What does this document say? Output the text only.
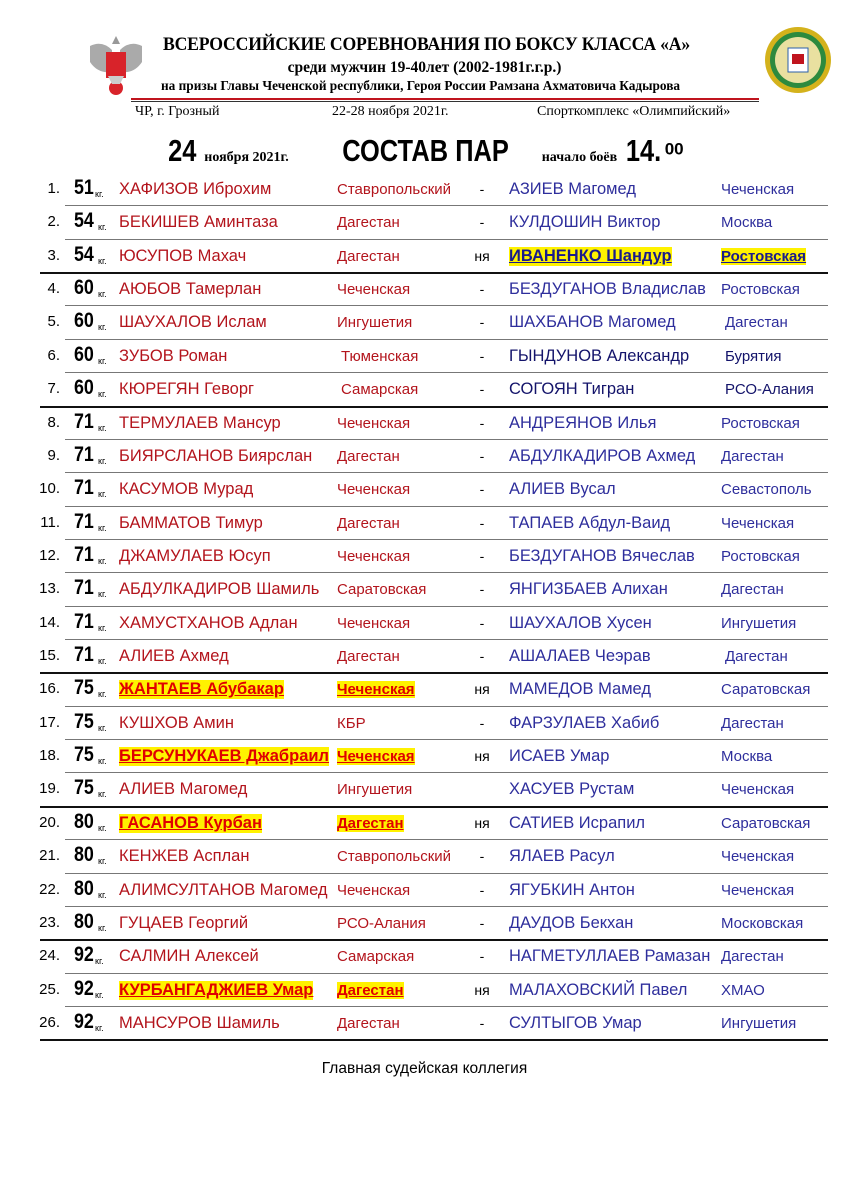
ВСЕРОССИЙСКИЕ СОРЕВНОВАНИЯ ПО БОКСУ КЛАССА «А»
среди мужчин 19-40лет (2002-1981г.г.р.)
на призы Главы Чеченской республики, Героя России Рамзана Ахматовича Кадырова
ЧР, г. Грозный	22-28 ноября 2021г.	Спорткомплекс «Олимпийский»
24 ноября 2021г. СОСТАВ ПАР начало боёв 14. $^{00}$
1. 51 кг. ХАФИЗОВ Иброхим	Ставропольский	-	АЗИЕВ Магомед	Чеченская
2. 54 кг. БЕКИШЕВ Аминтаза	Дагестан	-	КУЛДОШИН Виктор	Москва
3. 54 кг. ЮСУПОВ Махач	Дагестан	ня ИВАНЕНКО Шандур	Ростовская
4. 60 кг. АЮБОВ Тамерлан	Чеченская	-	БЕЗДУГАНОВ Владислав Ростовская
5. 60 кг. ШАУХАЛОВ Ислам	Ингушетия	-	ШАХБАНОВ Магомед	Дагестан
6. 60 кг. ЗУБОВ Роман	Тюменская	-	ГЫНДУНОВ Александр Бурятия
7. 60 кг. КЮРЕГЯН Геворг	Самарская	-	СОГОЯН Тигран	РСО-Алания
8. 71 кг. ТЕРМУЛАЕВ Мансур	Чеченская	-	АНДРЕЯНОВ Илья	Ростовская
9. 71 кг. БИЯРСЛАНОВ Биярслан Дагестан	-	АБДУЛКАДИРОВ Ахмед Дагестан
10. 71 кг. КАСУМОВ Мурад	Чеченская	-	АЛИЕВ Вусал	Севастополь
11. 71 кг. БАММАТОВ Тимур	Дагестан	-	ТАПАЕВ Абдул-Ваид	Чеченская
12. 71 кг. ДЖАМУЛАЕВ Юсуп	Чеченская	-	БЕЗДУГАНОВ Вячеслав Ростовская
13. 71 кг. АБДУЛКАДИРОВ Шамиль Саратовская	-	ЯНГИЗБАЕВ Алихан	Дагестан
14. 71 кг. ХАМУСТХАНОВ Адлан	Чеченская	-	ШАУХАЛОВ Хусен	Ингушетия
15. 71 кг. АЛИЕВ Ахмед	Дагестан	-	АШАЛАЕВ Чеэрав	Дагестан
16. 75 кг. ЖАНТАЕВ Абубакар	Чеченская	ня МАМЕДОВ Мамед	Саратовская
17. 75 кг. КУШХОВ Амин	КБР	-	ФАРЗУЛАЕВ Хабиб	Дагестан
18. 75 кг. БЕРСУНУКАЕВ Джабраил Чеченская	ня ИСАЕВ Умар	Москва
19. 75 кг. АЛИЕВ Магомед	Ингушетия	ХАСУЕВ Рустам	Чеченская
20. 80 кг. ГАСАНОВ Курбан	Дагестан	ня САТИЕВ Исрапил	Саратовская
21. 80 кг. КЕНЖЕВ Асплан	Ставропольский	-	ЯЛАЕВ Расул	Чеченская
22. 80 кг. АЛИМСУЛТАНОВ Магомед Чеченская	-	ЯГУБКИН Антон	Чеченская
23. 80 кг. ГУЦАЕВ Георгий	РСО-Алания	-	ДАУДОВ Бекхан	Московская
24. 92 кг. САЛМИН Алексей	Самарская	-	НАГМЕТУЛЛАЕВ Рамазан Дагестан
25. 92 кг. КУРБАНГАДЖИЕВ Умар Дагестан	ня МАЛАХОВСКИЙ Павел ХМАО
26. 92 кг. МАНСУРОВ Шамиль	Дагестан	-	СУЛТЫГОВ Умар	Ингушетия
Главная судейская коллегия
